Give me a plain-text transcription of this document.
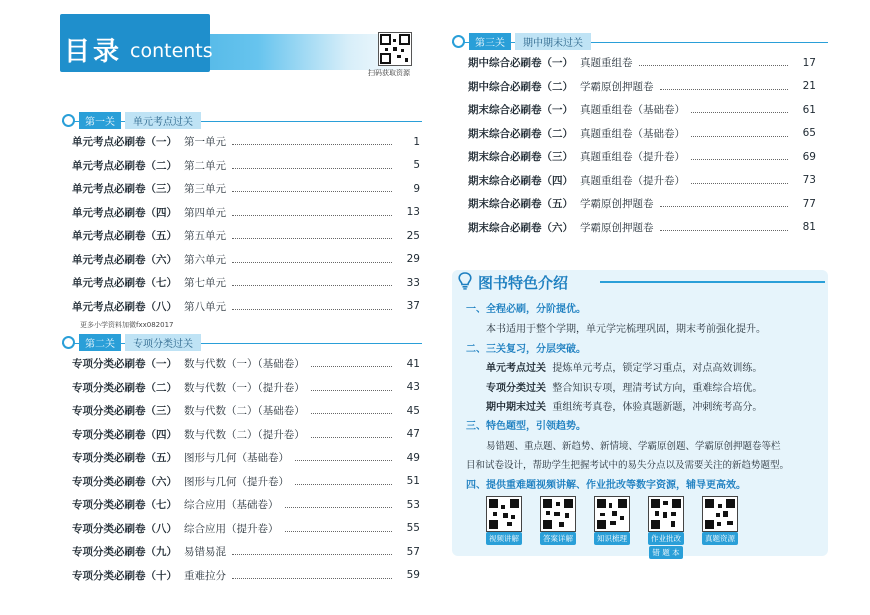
目录 contents
扫码获取资源
第一关	单元考点过关
单元考点必刷卷（一） 第一单元	1
单元考点必刷卷（二） 第二单元	5
单元考点必刷卷（三） 第三单元	9
单元考点必刷卷（四） 第四单元	13
单元考点必刷卷（五） 第五单元	25
单元考点必刷卷（六） 第六单元	29
单元考点必刷卷（七） 第七单元	33
单元考点必刷卷（八） 第八单元	37
更多小学资料加微fxx082017
第二关	专项分类过关
专项分类必刷卷（一） 数与代数（一）（基础卷）	41
专项分类必刷卷（二） 数与代数（一）（提升卷）	43
专项分类必刷卷（三） 数与代数（二）（基础卷）	45
专项分类必刷卷（四） 数与代数（二）（提升卷）	47
专项分类必刷卷（五） 图形与几何（基础卷）	49
专项分类必刷卷（六） 图形与几何（提升卷）	51
专项分类必刷卷（七） 综合应用（基础卷）	53
专项分类必刷卷（八） 综合应用（提升卷）	55
专项分类必刷卷（九） 易错易混	57
专项分类必刷卷（十） 重难拉分	59
第三关	期中期末过关
期中综合必刷卷（一） 真题重组卷	17
期中综合必刷卷（二） 学霸原创押题卷	21
期末综合必刷卷（一） 真题重组卷（基础卷）	61
期末综合必刷卷（二） 真题重组卷（基础卷）	65
期末综合必刷卷（三） 真题重组卷（提升卷）	69
期末综合必刷卷（四） 真题重组卷（提升卷）	73
期末综合必刷卷（五） 学霸原创押题卷	77
期末综合必刷卷（六） 学霸原创押题卷	81
图书特色介绍
一、全程必刷，分阶提优。
本书适用于整个学期，单元学完梳理巩固，期末考前强化提升。
二、三关复习，分层突破。
单元考点过关 提炼单元考点，锁定学习重点，对点高效训练。
专项分类过关 整合知识专项，理清考试方向，重难综合培优。
期中期末过关 重组统考真卷，体验真题新题，冲刺统考高分。
三、特色题型，引领趋势。
易错题、重点题、新趋势、新情境、学霸原创题、学霸原创押题卷等栏
目和试卷设计，帮助学生把握考试中的易失分点以及需要关注的新趋势题型。
四、提供重难题视频讲解、作业批改等数字资源，辅导更高效。
视频讲解	答案详解	知识梳理	作业批改
错 题 本
真题资源
